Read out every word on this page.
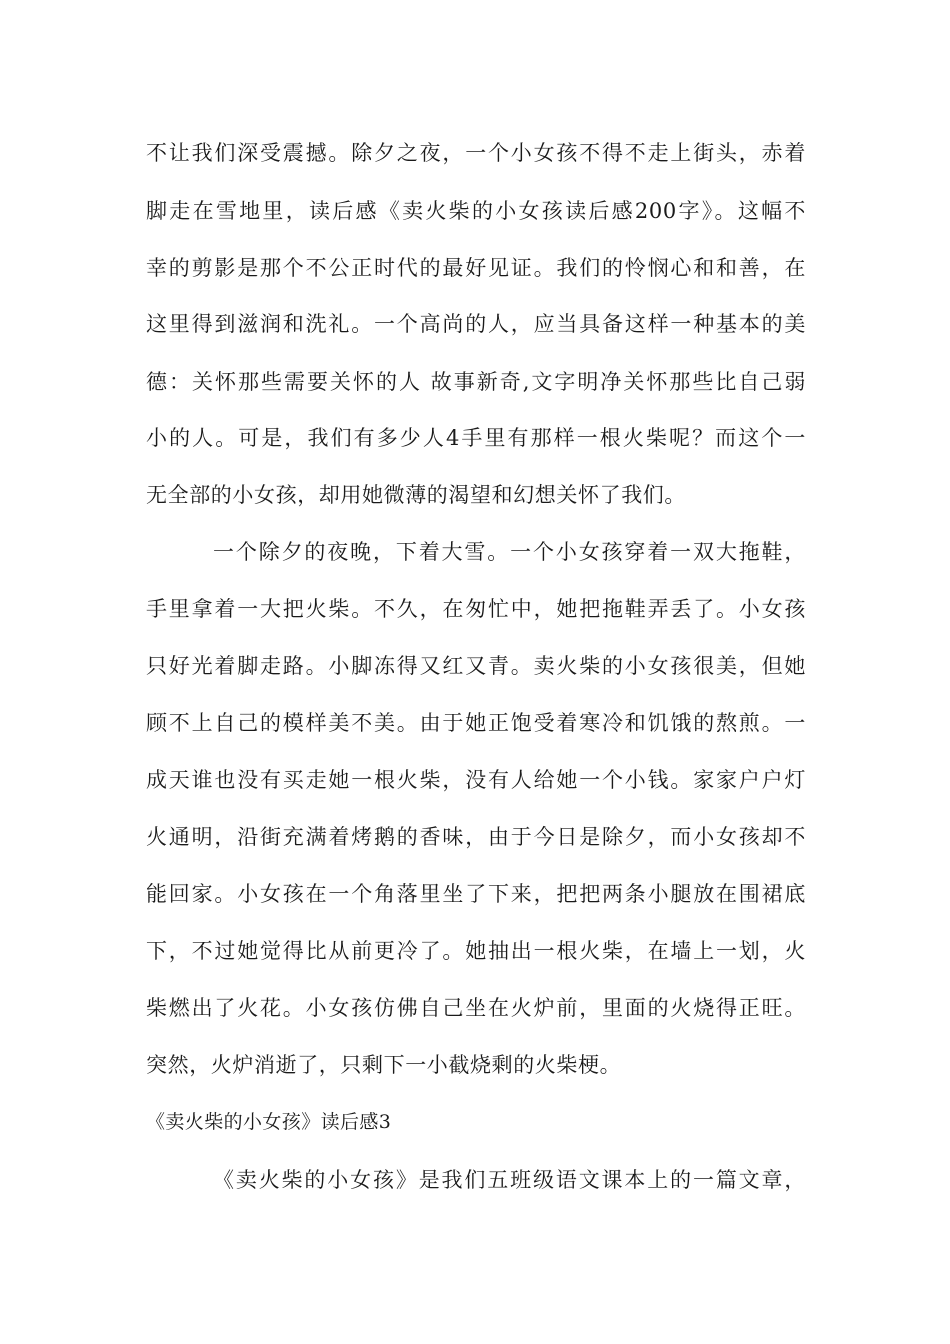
不让我们深受震撼。除夕之夜，一个小女孩不得不走上街头，赤着
脚走在雪地里，读后感《卖火柴的小女孩读后感200字》。这幅不
幸的剪影是那个不公正时代的最好见证。我们的怜悯心和和善，在
这里得到滋润和洗礼。一个高尚的人，应当具备这样一种基本的美
德：关怀那些需要关怀的人 故事新奇,文字明净关怀那些比自己弱
小的人。可是，我们有多少人4手里有那样一根火柴呢？而这个一
无全部的小女孩，却用她微薄的渴望和幻想关怀了我们。
一个除夕的夜晚，下着大雪。一个小女孩穿着一双大拖鞋，
手里拿着一大把火柴。不久，在匆忙中，她把拖鞋弄丢了。小女孩
只好光着脚走路。小脚冻得又红又青。卖火柴的小女孩很美，但她
顾不上自己的模样美不美。由于她正饱受着寒冷和饥饿的熬煎。一
成天谁也没有买走她一根火柴，没有人给她一个小钱。家家户户灯
火通明，沿街充满着烤鹅的香味，由于今日是除夕，而小女孩却不
能回家。小女孩在一个角落里坐了下来，把把两条小腿放在围裙底
下，不过她觉得比从前更冷了。她抽出一根火柴，在墙上一划，火
柴燃出了火花。小女孩仿佛自己坐在火炉前，里面的火烧得正旺。
突然，火炉消逝了，只剩下一小截烧剩的火柴梗。
《卖火柴的小女孩》读后感3
《卖火柴的小女孩》是我们五班级语文课本上的一篇文章，
